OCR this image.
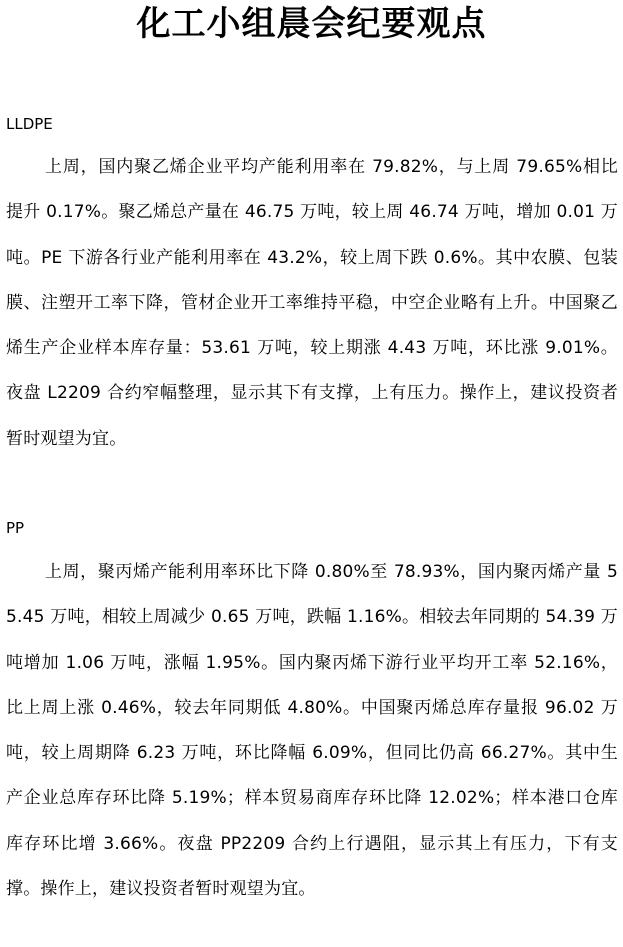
化工小组晨会纪要观点
LLDPE

上周，国内聚乙烯企业平均产能利用率在 79.82%，与上周 79.65%相比提升 0.17%。聚乙烯总产量在 46.75 万吨，较上周 46.74 万吨，增加 0.01 万吨。PE 下游各行业产能利用率在 43.2%，较上周下跌 0.6%。其中农膜、包装膜、注塑开工率下降，管材企业开工率维持平稳，中空企业略有上升。中国聚乙烯生产企业样本库存量：53.61 万吨，较上期涨 4.43 万吨，环比涨 9.01%。夜盘 L2209 合约窄幅整理，显示其下有支撑，上有压力。操作上，建议投资者暂时观望为宜。

PP

上周，聚丙烯产能利用率环比下降 0.80%至 78.93%，国内聚丙烯产量 55.45 万吨，相较上周减少 0.65 万吨，跌幅 1.16%。相较去年同期的 54.39 万吨增加 1.06 万吨，涨幅 1.95%。国内聚丙烯下游行业平均开工率 52.16%，比上周上涨 0.46%，较去年同期低 4.80%。中国聚丙烯总库存量报 96.02 万吨，较上周期降 6.23 万吨，环比降幅 6.09%，但同比仍高 66.27%。其中生产企业总库存环比降 5.19%；样本贸易商库存环比降 12.02%；样本港口仓库库存环比增 3.66%。夜盘 PP2209 合约上行遇阻，显示其上有压力，下有支撑。操作上，建议投资者暂时观望为宜。
